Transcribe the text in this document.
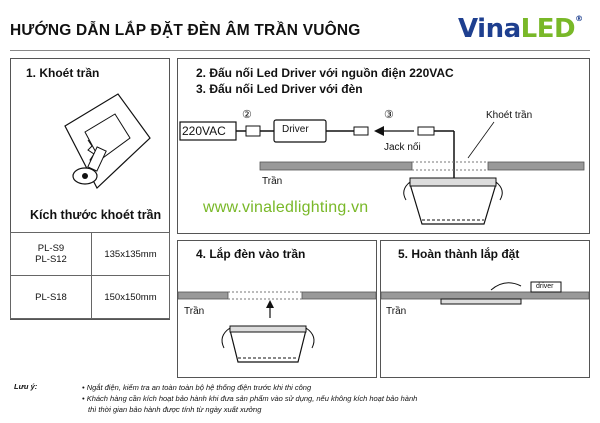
HƯỚNG DẪN LẮP ĐẶT ĐÈN ÂM TRẦN VUÔNG	VinaLED®
1. Khoét trần
Kích thước khoét trần
PL-S9
PL-S12	135x135mm
PL-S18	150x150mm
2. Đấu nối Led Driver với nguồn điện 220VAC
3. Đấu nối Led Driver với đèn
220VAC	Driver
②	③
Jack nối
Khoét trần
Trần
www.vinaledlighting.vn
4. Lắp đèn vào trần
Trần
5. Hoàn thành lắp đặt
Trần
driver
Lưu ý:	• Ngắt điện, kiểm tra an toàn toàn bộ hệ thống điện trước khi thi công
• Khách hàng cần kích hoạt bảo hành khi đưa sản phẩm vào sử dụng, nếu không kích hoạt bảo hành
thì thời gian bảo hành được tính từ ngày xuất xưởng
